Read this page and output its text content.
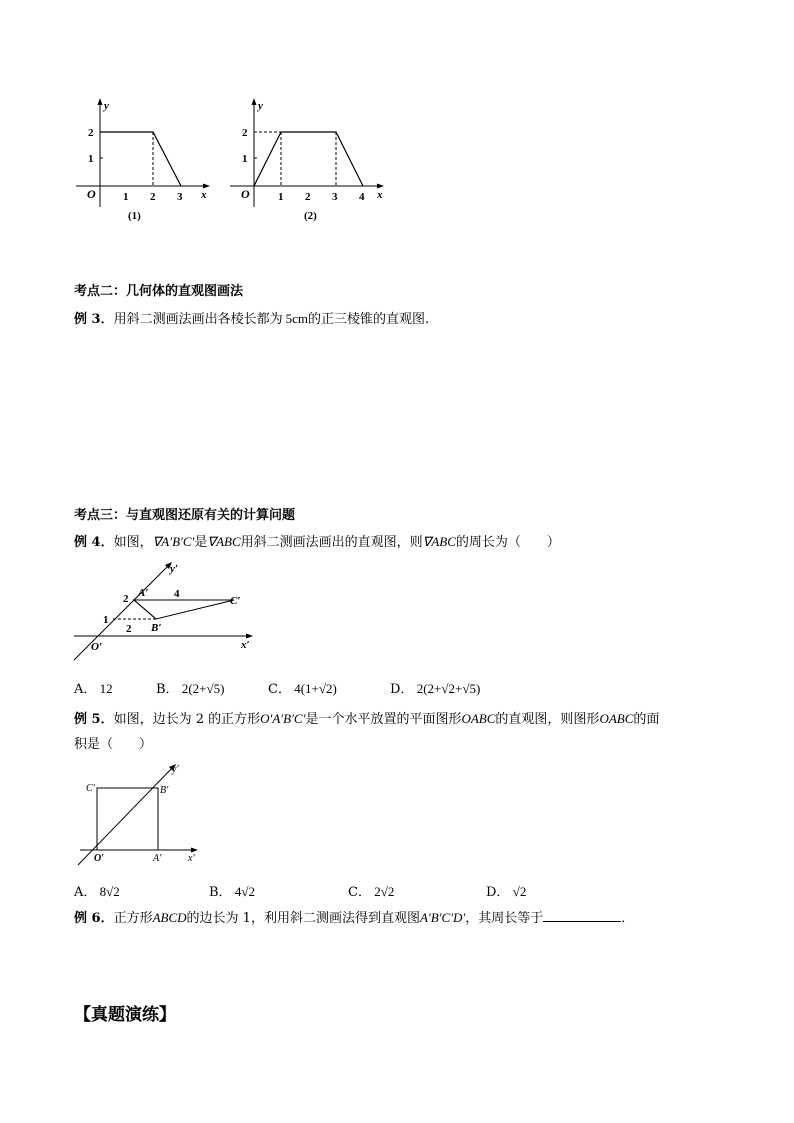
y
x
O 1 2 3
1
2
(1)
y
x
O	1 2 3 4
1
2
(2)
考点二：几何体的直观图画法
例 3．用斜二测画法画出各棱长都为 5cm的正三棱锥的直观图.
考点三：与直观图还原有关的计算问题
例 4．如图，∇A′B′C′是∇ABC用斜二测画法画出的直观图，则∇ABC的周长为（　　）
y′
x′
O′
A′
B′
C′
2	4
1
2
A． 12	B． 2(2+√5)	C． 4(1+√2)	D． 2(2+√2+√5)
例 5．如图，边长为 2 的正方形O′A′B′C′是一个水平放置的平面图形OABC的直观图，则图形OABC的面
积是（　　）
y′
x′
O′	A′
B′
C′
A． 8√2	B． 4√2	C． 2√2	D． √2
例 6．正方形ABCD的边长为 1，利用斜二测画法得到直观图A′B′C′D′，其周长等于	．
【真题演练】
